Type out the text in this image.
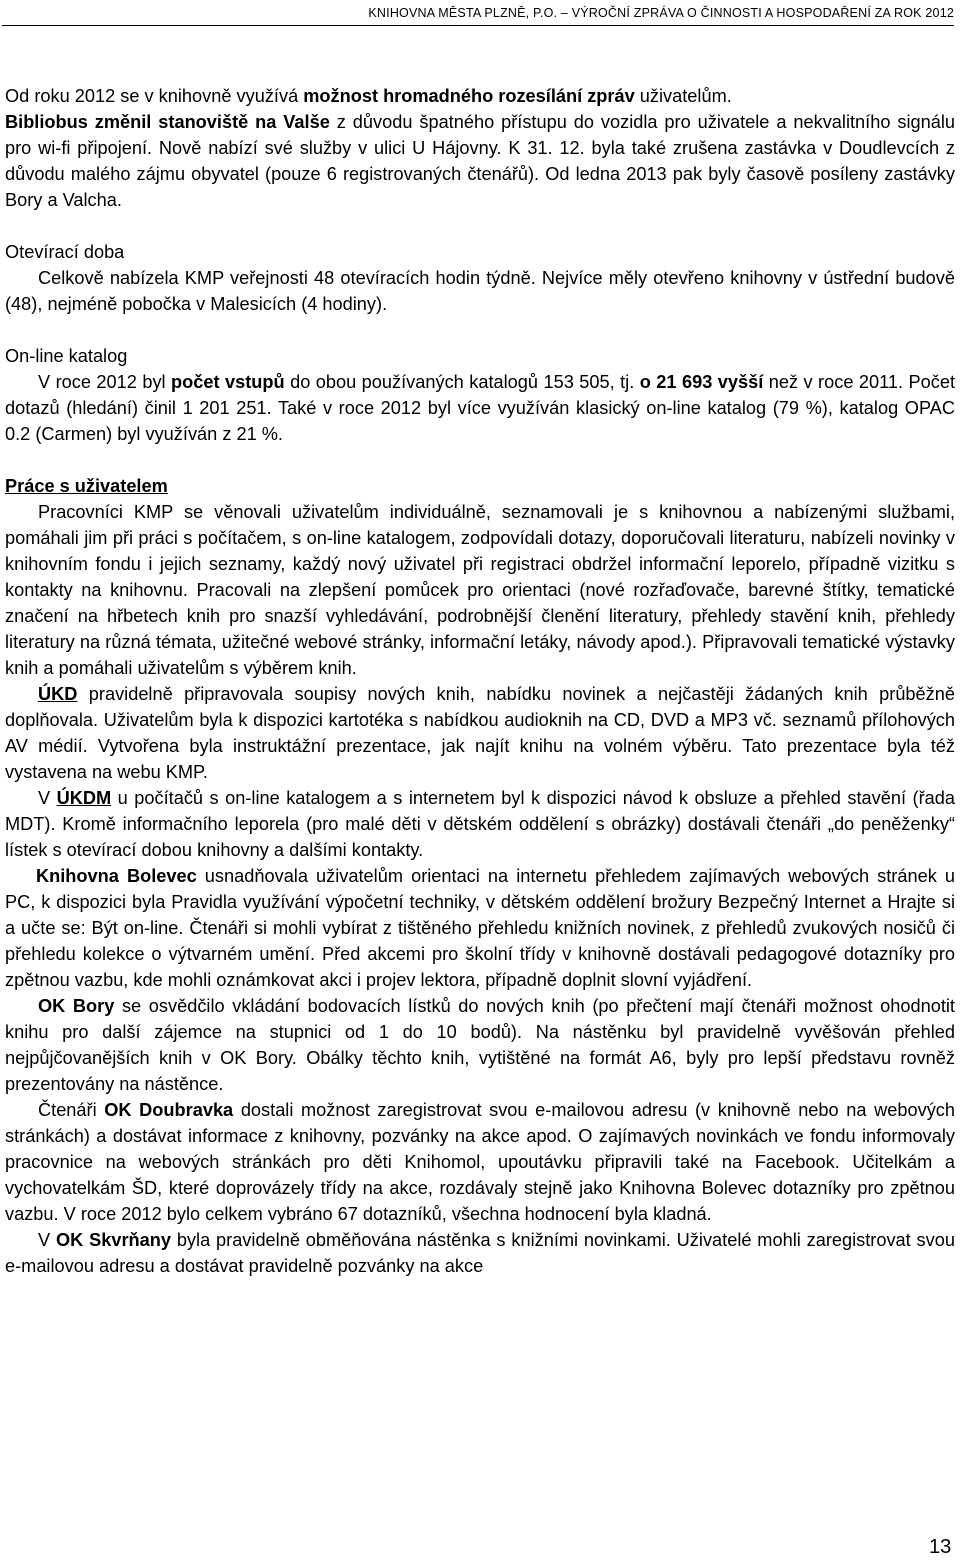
KNIHOVNA MĚSTA PLZNĚ, P.O. – VÝROČNÍ ZPRÁVA O ČINNOSTI A HOSPODAŘENÍ ZA ROK 2012

Od roku 2012 se v knihovně využívá možnost hromadného rozesílání zpráv uživatelům.

Bibliobus změnil stanoviště na Valše z důvodu špatného přístupu do vozidla pro uživatele a nekvalitního signálu pro wi-fi připojení. Nově nabízí své služby v ulici U Hájovny. K 31. 12. byla také zrušena zastávka v Doudlevcích z důvodu malého zájmu obyvatel (pouze 6 registrovaných čtenářů). Od ledna 2013 pak byly časově posíleny zastávky Bory a Valcha.

Otevírací doba

Celkově nabízela KMP veřejnosti 48 otevíracích hodin týdně. Nejvíce měly otevřeno knihovny v ústřední budově (48), nejméně pobočka v Malesicích (4 hodiny).

On-line katalog

V roce 2012 byl počet vstupů do obou používaných katalogů 153 505, tj. o 21 693 vyšší než v roce 2011. Počet dotazů (hledání) činil 1 201 251. Také v roce 2012 byl více využíván klasický on-line katalog (79 %), katalog OPAC 0.2 (Carmen) byl využíván z 21 %.

Práce s uživatelem

Pracovníci KMP se věnovali uživatelům individuálně, seznamovali je s knihovnou a nabízenými službami, pomáhali jim při práci s počítačem, s on-line katalogem, zodpovídali dotazy, doporučovali literaturu, nabízeli novinky v knihovním fondu i jejich seznamy, každý nový uživatel při registraci obdržel informační leporelo, případně vizitku s kontakty na knihovnu. Pracovali na zlepšení pomůcek pro orientaci (nové rozřaďovače, barevné štítky, tematické značení na hřbetech knih pro snazší vyhledávání, podrobnější členění literatury, přehledy stavění knih, přehledy literatury na různá témata, užitečné webové stránky, informační letáky, návody apod.). Připravovali tematické výstavky knih a pomáhali uživatelům s výběrem knih.

ÚKD pravidelně připravovala soupisy nových knih, nabídku novinek a nejčastěji žádaných knih průběžně doplňovala. Uživatelům byla k dispozici kartotéka s nabídkou audioknih na CD, DVD a MP3 vč. seznamů přílohových AV médií. Vytvořena byla instruktážní prezentace, jak najít knihu na volném výběru. Tato prezentace byla též vystavena na webu KMP.

V ÚKDM u počítačů s on-line katalogem a s internetem byl k dispozici návod k obsluze a přehled stavění (řada MDT). Kromě informačního leporela (pro malé děti v dětském oddělení s obrázky) dostávali čtenáři „do peněženky“ lístek s otevírací dobou knihovny a dalšími kontakty.

Knihovna Bolevec usnadňovala uživatelům orientaci na internetu přehledem zajímavých webových stránek u PC, k dispozici byla Pravidla využívání výpočetní techniky, v dětském oddělení brožury Bezpečný Internet a Hrajte si a učte se: Být on-line. Čtenáři si mohli vybírat z tištěného přehledu knižních novinek, z přehledů zvukových nosičů či přehledu kolekce o výtvarném umění. Před akcemi pro školní třídy v knihovně dostávali pedagogové dotazníky pro zpětnou vazbu, kde mohli oznámkovat akci i projev lektora, případně doplnit slovní vyjádření.

OK Bory se osvědčilo vkládání bodovacích lístků do nových knih (po přečtení mají čtenáři možnost ohodnotit knihu pro další zájemce na stupnici od 1 do 10 bodů). Na nástěnku byl pravidelně vyvěšován přehled nejpůjčovanějších knih v OK Bory. Obálky těchto knih, vytištěné na formát A6, byly pro lepší představu rovněž prezentovány na nástěnce.

Čtenáři OK Doubravka dostali možnost zaregistrovat svou e-mailovou adresu (v knihovně nebo na webových stránkách) a dostávat informace z knihovny, pozvánky na akce apod. O zajímavých novinkách ve fondu informovaly pracovnice na webových stránkách pro děti Knihomol, upoutávku připravili také na Facebook. Učitelkám a vychovatelkám ŠD, které doprovázely třídy na akce, rozdávaly stejně jako Knihovna Bolevec dotazníky pro zpětnou vazbu. V roce 2012 bylo celkem vybráno 67 dotazníků, všechna hodnocení byla kladná.

V OK Skvrňany byla pravidelně obměňována nástěnka s knižními novinkami. Uživatelé mohli zaregistrovat svou e-mailovou adresu a dostávat pravidelně pozvánky na akce

13
